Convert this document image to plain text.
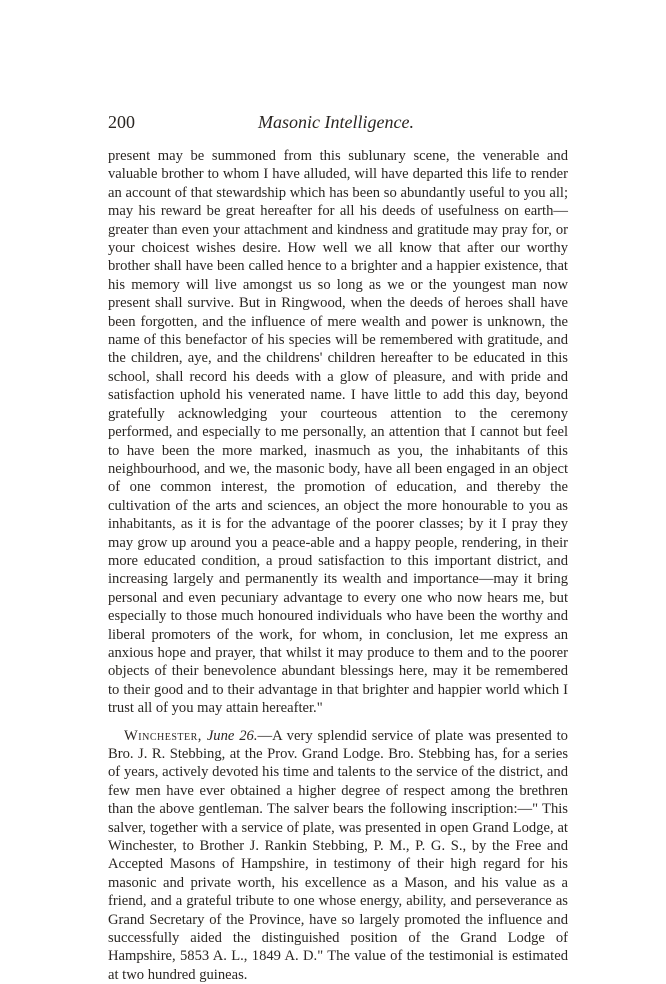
200	Masonic Intelligence.

present may be summoned from this sublunary scene, the venerable and valuable brother to whom I have alluded, will have departed this life to render an account of that stewardship which has been so abundantly useful to you all; may his reward be great hereafter for all his deeds of usefulness on earth—greater than even your attachment and kindness and gratitude may pray for, or your choicest wishes desire. How well we all know that after our worthy brother shall have been called hence to a brighter and a happier existence, that his memory will live amongst us so long as we or the youngest man now present shall survive. But in Ringwood, when the deeds of heroes shall have been forgotten, and the influence of mere wealth and power is unknown, the name of this benefactor of his species will be remembered with gratitude, and the children, aye, and the childrens' children hereafter to be educated in this school, shall record his deeds with a glow of pleasure, and with pride and satisfaction uphold his venerated name. I have little to add this day, beyond gratefully acknowledging your courteous attention to the ceremony performed, and especially to me personally, an attention that I cannot but feel to have been the more marked, inasmuch as you, the inhabitants of this neighbourhood, and we, the masonic body, have all been engaged in an object of one common interest, the promotion of education, and thereby the cultivation of the arts and sciences, an object the more honourable to you as inhabitants, as it is for the advantage of the poorer classes; by it I pray they may grow up around you a peace-able and a happy people, rendering, in their more educated condition, a proud satisfaction to this important district, and increasing largely and permanently its wealth and importance—may it bring personal and even pecuniary advantage to every one who now hears me, but especially to those much honoured individuals who have been the worthy and liberal promoters of the work, for whom, in conclusion, let me express an anxious hope and prayer, that whilst it may produce to them and to the poorer objects of their benevolence abundant blessings here, may it be remembered to their good and to their advantage in that brighter and happier world which I trust all of you may attain hereafter."

Winchester, June 26.—A very splendid service of plate was presented to Bro. J. R. Stebbing, at the Prov. Grand Lodge. Bro. Stebbing has, for a series of years, actively devoted his time and talents to the service of the district, and few men have ever obtained a higher degree of respect among the brethren than the above gentleman. The salver bears the following inscription:—" This salver, together with a service of plate, was presented in open Grand Lodge, at Winchester, to Brother J. Rankin Stebbing, P. M., P. G. S., by the Free and Accepted Masons of Hampshire, in testimony of their high regard for his masonic and private worth, his excellence as a Mason, and his value as a friend, and a grateful tribute to one whose energy, ability, and perseverance as Grand Secretary of the Province, have so largely promoted the influence and successfully aided the distinguished position of the Grand Lodge of Hampshire, 5853 A. L., 1849 A. D." The value of the testimonial is estimated at two hundred guineas.
